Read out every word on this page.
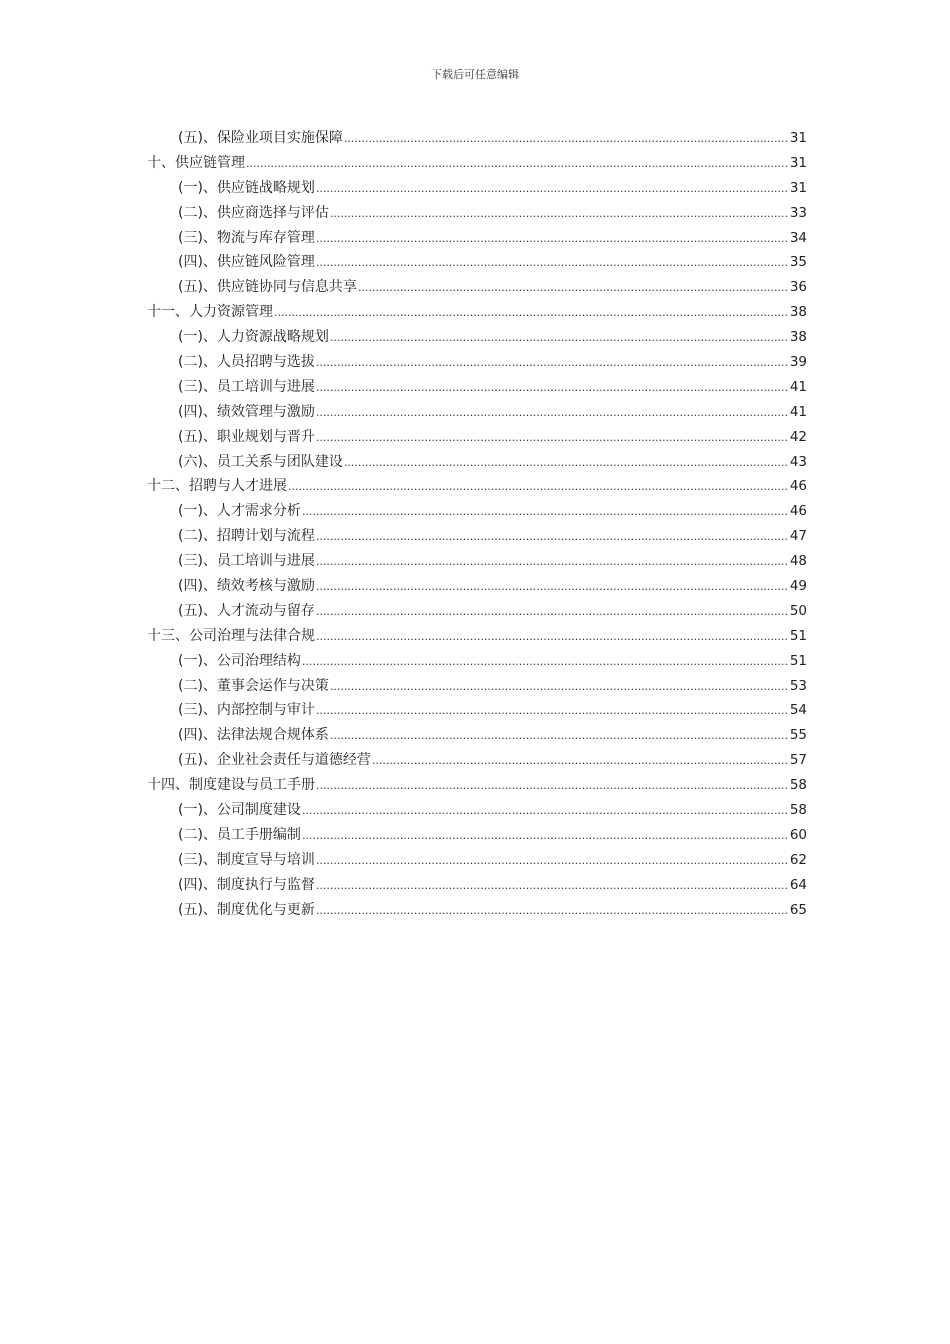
下载后可任意编辑
(五)、保险业项目实施保障 .....	31
十、供应链管理 .....	31
(一)、供应链战略规划 .....	31
(二)、供应商选择与评估 .....	33
(三)、物流与库存管理 .....	34
(四)、供应链风险管理 .....	35
(五)、供应链协同与信息共享 .....	36
十一、人力资源管理 .....	38
(一)、人力资源战略规划 .....	38
(二)、人员招聘与选拔 .....	39
(三)、员工培训与进展 .....	41
(四)、绩效管理与激励 .....	41
(五)、职业规划与晋升 .....	42
(六)、员工关系与团队建设 .....	43
十二、招聘与人才进展 .....	46
(一)、人才需求分析 .....	46
(二)、招聘计划与流程 .....	47
(三)、员工培训与进展 .....	48
(四)、绩效考核与激励 .....	49
(五)、人才流动与留存 .....	50
十三、公司治理与法律合规 .....	51
(一)、公司治理结构 .....	51
(二)、董事会运作与决策 .....	53
(三)、内部控制与审计 .....	54
(四)、法律法规合规体系 .....	55
(五)、企业社会责任与道德经营 .....	57
十四、制度建设与员工手册 .....	58
(一)、公司制度建设 .....	58
(二)、员工手册编制 .....	60
(三)、制度宣导与培训 .....	62
(四)、制度执行与监督 .....	64
(五)、制度优化与更新 .....	65
